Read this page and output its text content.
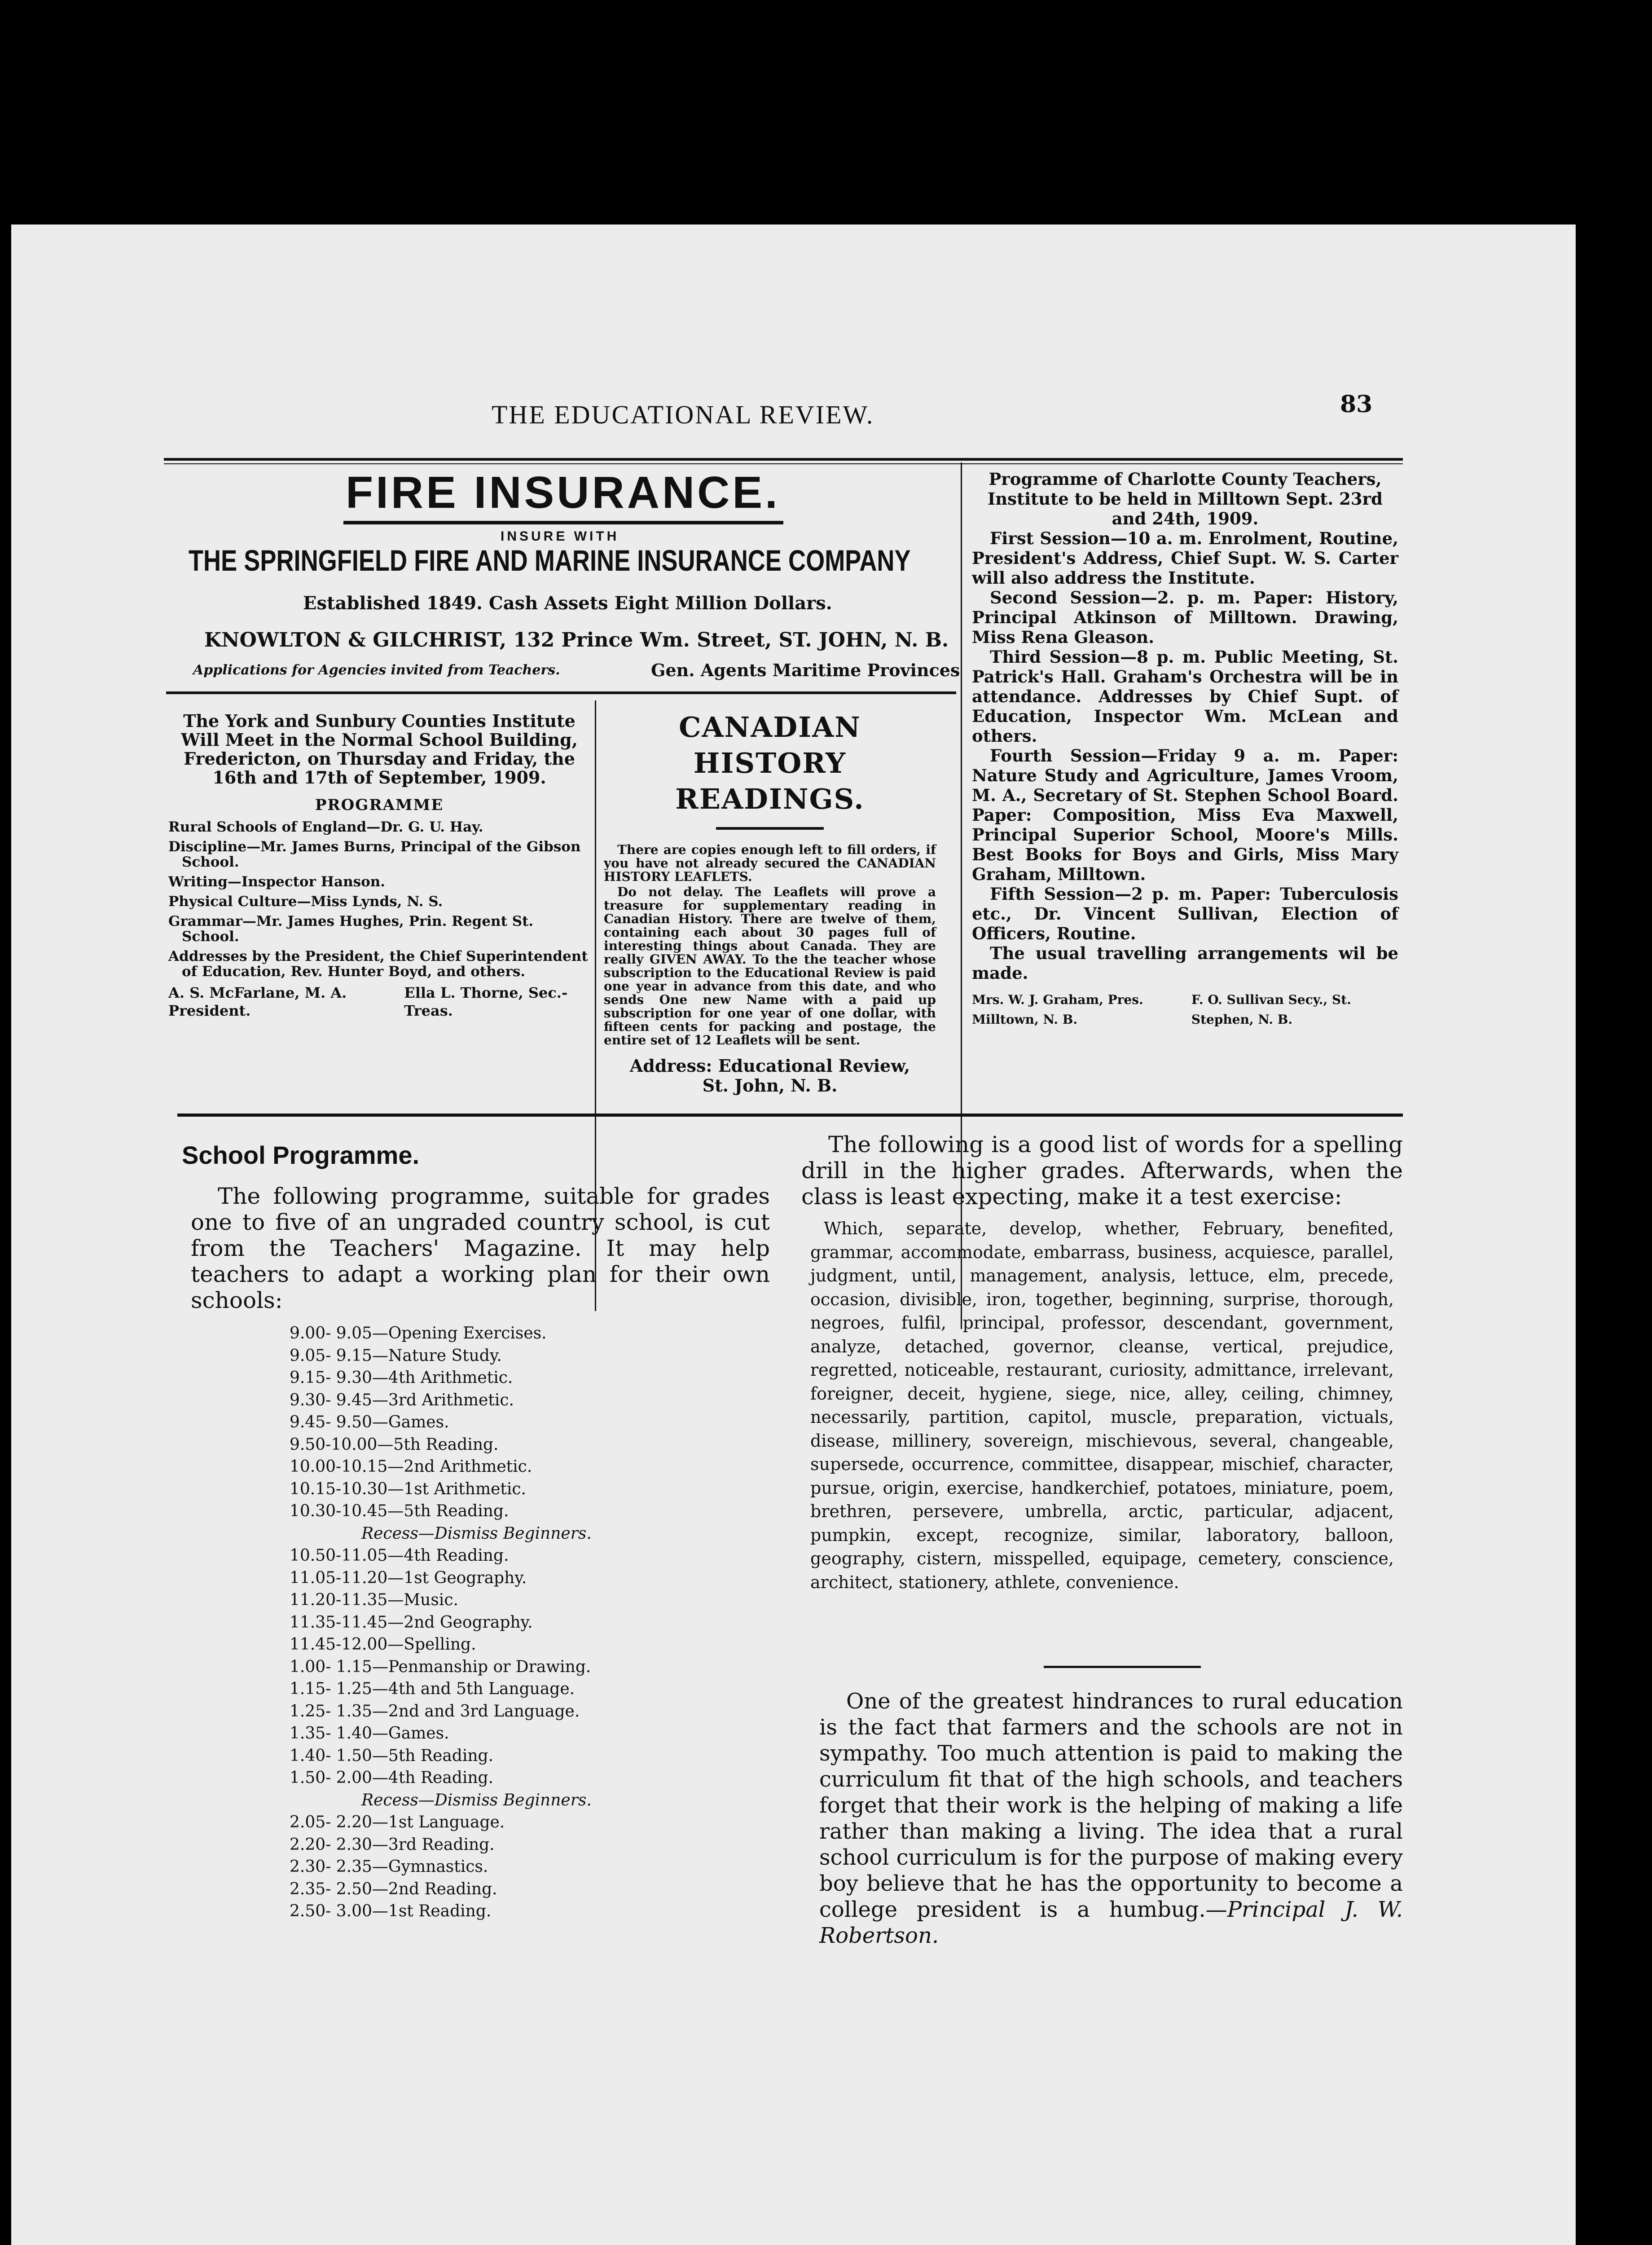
THE EDUCATIONAL REVIEW.	83
FIRE INSURANCE.
INSURE WITH
THE SPRINGFIELD FIRE AND MARINE INSURANCE COMPANY
Established 1849. Cash Assets Eight Million Dollars.
KNOWLTON & GILCHRIST, 132 Prince Wm. Street, ST. JOHN, N. B.
Applications for Agencies invited from Teachers.	Gen. Agents Maritime Provinces

The York and Sunbury Counties Institute Will Meet in the Normal School Building, Fredericton, on Thursday and Friday, the 16th and 17th of September, 1909.

PROGRAMME

Rural Schools of England—Dr. G. U. Hay.

Discipline—Mr. James Burns, Principal of the Gibson School.

Writing—Inspector Hanson.

Physical Culture—Miss Lynds, N. S.

Grammar—Mr. James Hughes, Prin. Regent St. School.

Addresses by the President, the Chief Superintendent of Education, Rev. Hunter Boyd, and others.

A. S. McFarlane, M. A. President.
Ella L. Thorne, Sec.-Treas.
CANADIAN HISTORY
READINGS.

There are copies enough left to fill orders, if you have not already secured the CANADIAN HISTORY LEAFLETS.

Do not delay. The Leaflets will prove a treasure for supplementary reading in Canadian History. There are twelve of them, containing each about 30 pages full of interesting things about Canada. They are really GIVEN AWAY. To the the teacher whose subscription to the Educational Review is paid one year in advance from this date, and who sends One new Name with a paid up subscription for one year of one dollar, with fifteen cents for packing and postage, the entire set of 12 Leaflets will be sent.

Address: Educational Review,
St. John, N. B.

Programme of Charlotte County Teachers, Institute to be held in Milltown Sept. 23rd and 24th, 1909.

First Session—10 a. m. Enrolment, Routine, President's Address, Chief Supt. W. S. Carter will also address the Institute.

Second Session—2. p. m. Paper: History, Principal Atkinson of Milltown. Drawing, Miss Rena Gleason.

Third Session—8 p. m. Public Meeting, St. Patrick's Hall. Graham's Orchestra will be in attendance. Addresses by Chief Supt. of Education, Inspector Wm. McLean and others.

Fourth Session—Friday 9 a. m. Paper: Nature Study and Agriculture, James Vroom, M. A., Secretary of St. Stephen School Board. Paper: Composition, Miss Eva Maxwell, Principal Superior School, Moore's Mills. Best Books for Boys and Girls, Miss Mary Graham, Milltown.

Fifth Session—2 p. m. Paper: Tuberculosis etc., Dr. Vincent Sullivan, Election of Officers, Routine.

The usual travelling arrangements wil be made.

Mrs. W. J. Graham, Pres. Milltown, N. B.
F. O. Sullivan Secy., St. Stephen, N. B.
School Programme.

The following programme, suitable for grades one to five of an ungraded country school, is cut from the Teachers' Magazine. It may help teachers to adapt a working plan for their own schools:

9.00- 9.05—Opening Exercises.
9.05- 9.15—Nature Study.
9.15- 9.30—4th Arithmetic.
9.30- 9.45—3rd Arithmetic.
9.45- 9.50—Games.
9.50-10.00—5th Reading.
10.00-10.15—2nd Arithmetic.
10.15-10.30—1st Arithmetic.
10.30-10.45—5th Reading.
Recess—Dismiss Beginners.
10.50-11.05—4th Reading.
11.05-11.20—1st Geography.
11.20-11.35—Music.
11.35-11.45—2nd Geography.
11.45-12.00—Spelling.
1.00- 1.15—Penmanship or Drawing.
1.15- 1.25—4th and 5th Language.
1.25- 1.35—2nd and 3rd Language.
1.35- 1.40—Games.
1.40- 1.50—5th Reading.
1.50- 2.00—4th Reading.
Recess—Dismiss Beginners.
2.05- 2.20—1st Language.
2.20- 2.30—3rd Reading.
2.30- 2.35—Gymnastics.
2.35- 2.50—2nd Reading.
2.50- 3.00—1st Reading.

The following is a good list of words for a spelling drill in the higher grades. Afterwards, when the class is least expecting, make it a test exercise:

Which, separate, develop, whether, February, benefited, grammar, accommodate, embarrass, business, acquiesce, parallel, judgment, until, management, analysis, lettuce, elm, precede, occasion, divisible, iron, together, beginning, surprise, thorough, negroes, fulfil, principal, professor, descendant, government, analyze, detached, governor, cleanse, vertical, prejudice, regretted, noticeable, restaurant, curiosity, admittance, irrelevant, foreigner, deceit, hygiene, siege, nice, alley, ceiling, chimney, necessarily, partition, capitol, muscle, preparation, victuals, disease, millinery, sovereign, mischievous, several, changeable, supersede, occurrence, committee, disappear, mischief, character, pursue, origin, exercise, handkerchief, potatoes, miniature, poem, brethren, persevere, umbrella, arctic, particular, adjacent, pumpkin, except, recognize, similar, laboratory, balloon, geography, cistern, misspelled, equipage, cemetery, conscience, architect, stationery, athlete, convenience.

One of the greatest hindrances to rural education is the fact that farmers and the schools are not in sympathy. Too much attention is paid to making the curriculum fit that of the high schools, and teachers forget that their work is the helping of making a life rather than making a living. The idea that a rural school curriculum is for the purpose of making every boy believe that he has the opportunity to become a college president is a humbug.—Principal J. W. Robertson.
